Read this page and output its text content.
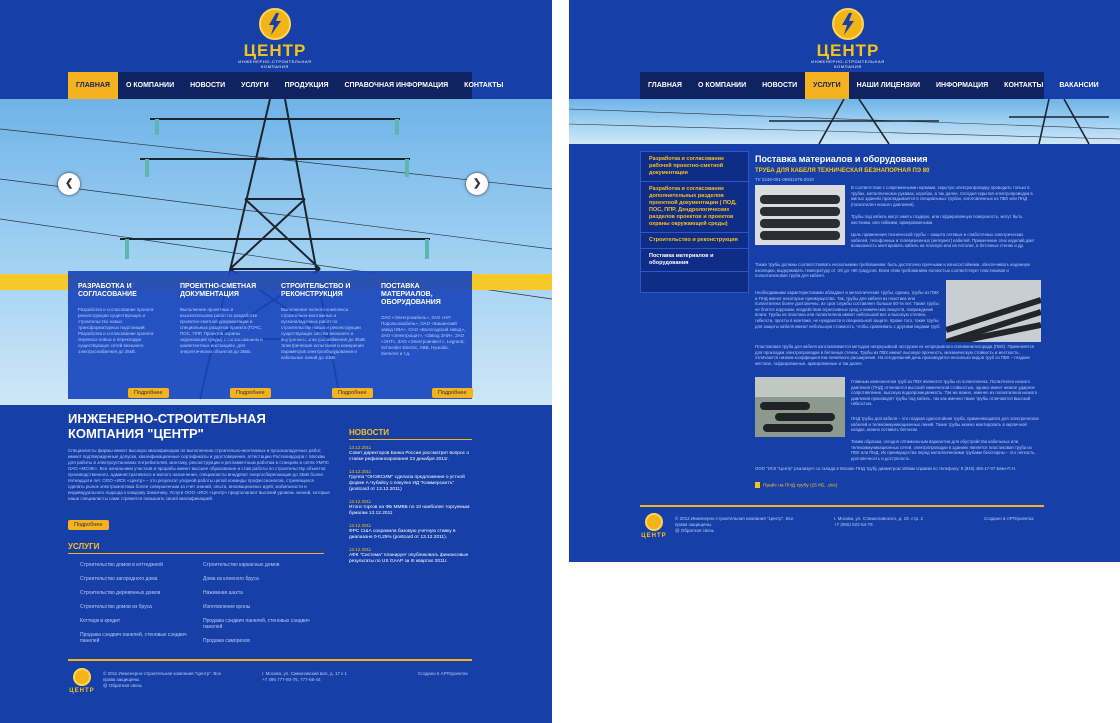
ЦЕНТР
ИНЖЕНЕРНО-СТРОИТЕЛЬНАЯ КОМПАНИЯ
ГЛАВНАЯ	О КОМПАНИИ	НОВОСТИ	УСЛУГИ	ПРОДУКЦИЯ	СПРАВОЧНАЯ ИНФОРМАЦИЯ	КОНТАКТЫ
❮	❯
РАЗРАБОТКА И СОГЛАСОВАНИЕ

Разработка и согласование проекта реконструкции существующих и строительство новых трансформаторных подстанций. Разработка и согласование проекта переноса новых и перекладки существующих сетей внешнего электроснабжения до 35кВ.

ПРОЕКТНО-СМЕТНАЯ ДОКУМЕНТАЦИЯ

Выполнение проектных и изыскательских работ по разработке проектно-сметной документации и специальных разделов проекта (ГОЧС, ПОС, ППР, Проектов охраны окружающей среды) с согласованием в компетентных инстанциях, для энергетических объектов до 35кВ.

СТРОИТЕЛЬСТВО И РЕКОНСТРУКЦИЯ

Выполнение полного комплекса строительно-монтажных и пусконаладочных работ по строительству новых и реконструкции существующих систем внешнего и внутреннего электроснабжения до 35кВ. Электрические испытания и измерения параметров электрооборудования и кабельных линий до 10кВ.

ПОСТАВКА МАТЕРИАЛОВ, ОБОРУДОВАНИЯ

ОАО «Электрокабель», ЗАО «НП Подольсккабель», ОАО «Кашинский завод НВА», ОАО «Вологодский завод», ЗАО «Электрощит», «Завод ЗНИ», ЗАО «ЭНТ», ЗАО «Электроинвест», Legrand, Schneider Electric, ABB, Hyundai, Siemens и т.д.

Подробнее	Подробнее	Подробнее	Подробнее
ИНЖЕНЕРНО-СТРОИТЕЛЬНАЯ КОМПАНИЯ "ЦЕНТР"
Специалисты фирмы имеют высокую квалификацию по выполнению строительно-монтажных и пусконаладочных работ, имеют подтвержденные допуски, квалификационные сертификаты и удостоверения, аттестацию Ростехнадзора г. Москвы для работы в электроустановках потребителей, монтажу, реконструкции и регламентным работам в станциях и сетях УМПС ОАО «МОЭК». Все начальники участков и прорабы имеют высшее образование и стаж работы по строительству объектов производственного, административного и жилого назначения, специалисты внедряют энергосберегающие до 35кВ более пятнадцати лет. ООО «ИСК «Центр» – это результат упорной работы целой команды профессионалов, стремящихся сделать рынок электромонтажа более совершенным за счет знаний, опыта, инновационных идей, мобильности и индивидуального подхода к каждому Заказчику. Услуги ООО «ИСК «Центр» предполагают высокий уровень знаний, которые наши специалисты сами стремятся повышать своей квалификацией.
Подробнее
НОВОСТИ
13.12.2011
Совет директоров Банка России рассмотрит вопрос о ставке рефинансирования 23 декабря 2011г.
13.12.2011
Группа "ОНЭКСИМ" сделала предложение о устной форме А.Чубайсу о покупке ИД "Коммерсантъ" (postcard от 13.12.2011)
13.12.2011
Итоги торгов на ФБ ММВБ по 10 наиболее торгуемым бумагам 13.12.2011
13.12.2011
ФРС США сохранила базовую учетную ставку в диапазоне 0-0,25% (postcard от 13.12.2011).
13.12.2011
АФК "Система" планирует опубликовать финансовые результаты по US GAAP за III квартал 2011г.
УСЛУГИ
Строительство домов в коттеджной
Строительство загородного дома
Строительство деревянных домов
Строительство домов из бруса
Коттедж в кредит
Продажа сэндвич панелей, стеновых сэндвич панелей
Строительство каркасных домов
Дома из клееного бруса
Нажимная шахта
Изготовление кроны
Продажа сэндвич панелей, стеновых сэндвич панелей
Продажа саморезов
ЦЕНТР
© 2011 Инженерно-строительная компания "Центр". Все права защищены.
@ Обратная связь
г. Москва, ул. Симоновский вал, д. 17 к 1
+7 495 777-80-75, 777-66-44
Создано в АРТпроектах
ЦЕНТР
ИНЖЕНЕРНО-СТРОИТЕЛЬНАЯ КОМПАНИЯ
ГЛАВНАЯ	О КОМПАНИИ	НОВОСТИ	УСЛУГИ	НАШИ ЛИЦЕНЗИИ	ИНФОРМАЦИЯ	КОНТАКТЫ	ВАКАНСИИ
Разработка и согласование рабочей проектно-сметной документации
Разработка и согласование дополнительных разделов проектной документации ( ПОД, ПОС, ППР, Дендрологических разделов проектов и проектов охраны окружающей среды)
Строительство и реконструкция
Поставка материалов и оборудования
Поставка материалов и оборудования
ТРУБА ДЛЯ КАБЕЛЯ ТЕХНИЧЕСКАЯ БЕЗНАПОРНАЯ ПЭ 80
ТУ 2248-001-09931075-2010
В соответствии с современными нормами, скрытую электропроводку проводить только в трубах, металлических рукавах, коробах, а так далее. Сегодня скрытая электропроводка в жилых зданиях прокладывается в специальных трубах, изготовленных из ПВХ или ПНД (полиэтилен низкого давления).
Трубы под кабель могут иметь гладкую, или гофрированную поверхность, могут быть жесткими, или гибкими, армированными.
Цель применения технической трубы – защита сетевых и слаботочных электрических кабелей, телефонных и телевизионных (интернет) кабелей. Применение этих изделий дает возможность монтировать кабель на плоскую или на потолке, в бетонных стенах и др.
Также трубы должны соответствовать несколькими требованиям: быть достаточно прочными и износостойкими, обеспечивать надежную изоляцию, выдерживать температуру от -20 до +80 градусов. Всем этим требованиям полностью соответствует пластиковая и полиэтиленовая труба для кабеля.
Необходимыми характеристиками обладают и металлические трубы, однако, трубы из ПВХ и ПНД имеют некоторые преимущества. Так, трубы для кабеля из пластика или полиэтилена более долговечны, их срок службы составляет больше 50-ти лет. Также трубы не боятся коррозии, воздействия агрессивных сред и химических веществ, повреждения влаги. Трубы из пластика или полиэтилена имеют небольшой вес и высокую степень гибкости, просты в монтаже, не нуждаются в специальной защите. Кроме того, такие трубы для защиты кабеля имеют небольшую стоимость, чтобы сравнивать с другими видами труб.
Пластиковая труба для кабеля изготавливается методом непрерывной экструзии из непрерывного поливинилхлорида (ПВХ). Применяется для прокладки электропроводки в бетонных стенах. Трубы из ПВХ имеют высокую прочность, механическую стойкость и жесткость, отличаются низким коэффициентом линейного расширения. На сегодняшний день производятся несколько видов труб из ПВХ – гладкие жесткие, гофрированные, армированные и так далее.
Главным компонентом труб из ПВХ являются трубы из полиэтилена. Полиэтилен низкого давления (ПНД) отличается высокой химической стойкостью, однако имеет низкое ударное сопротивление, высокую водопроницаемость. Так же важно, именно из полиэтилена низкого давления производят трубы под кабель, так как именно такие трубы отличаются высокой гибкостью.
ПНД трубы для кабеля – это гладкая однослойная труба, применяющаяся для электрических кабелей и телекоммуникационных линий. Такие трубы можно монтировать в кирпичной кладке, можно оставить бетоном.
Таким образом, сегодня оптимальным вариантом для обустройства кабельных или телекоммуникационных сетей, электропроводки в зданиях является пластиковая труба из ПВХ или ПНД. Их преимущества перед металлическими трубами бесспорны – это легкость, долговечность и доступность.
ООО "ИСК "Центр" реализует со склада в Москве ПНД трубу диаметром 160мм справки по телефону: 8 (915) 455-17-07 Бакн-П.Н.
Прайс на ПНД трубу (25 КБ, .doc)
ЦЕНТР
© 2012 Инженерно-строительная компания "Центр". Все права защищены.
@ Обратная связь
г. Москва, ул. Станиславского, д. 19, стр. 2
+7 (965) 622-54-78
Создано в АРТпроектах
